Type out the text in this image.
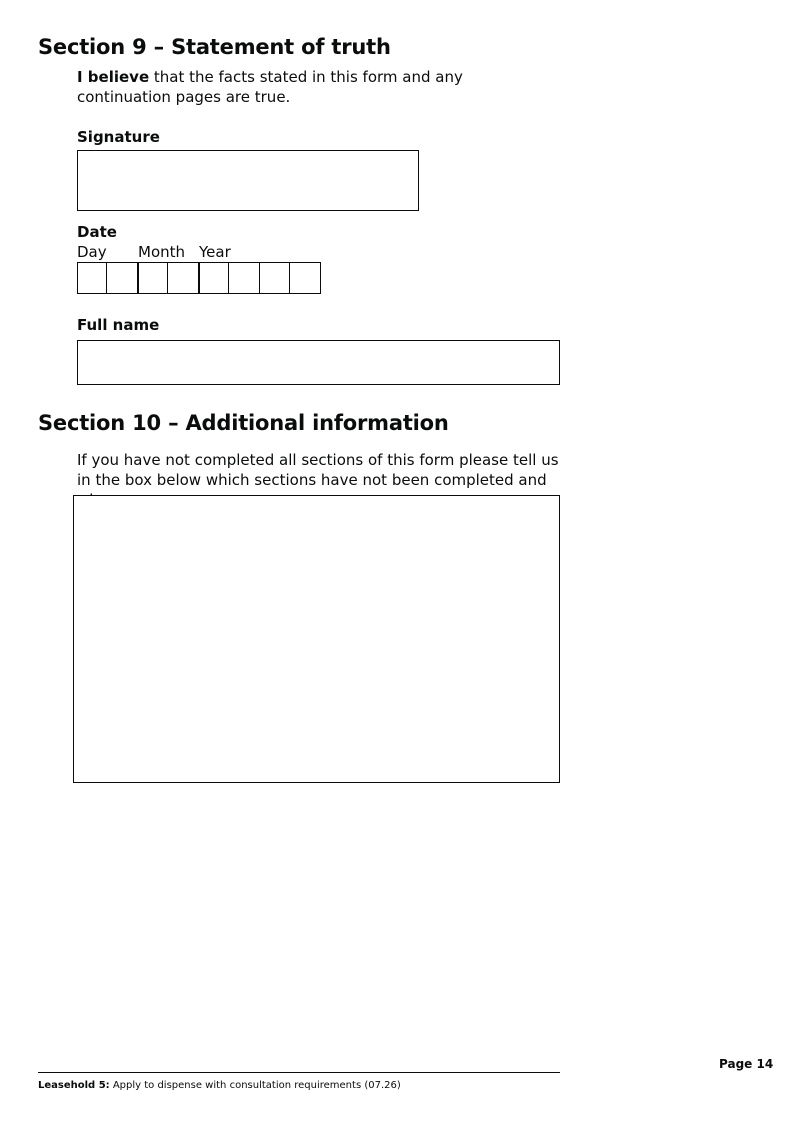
Section 9 – Statement of truth
I believe that the facts stated in this form and any continuation pages are true.
Signature
Date
Day Month Year
Full name
Section 10 – Additional information
If you have not completed all sections of this form please tell us in the box below which sections have not been completed and
Page 14
Leasehold 5: Apply to dispense with consultation requirements (07.26)
